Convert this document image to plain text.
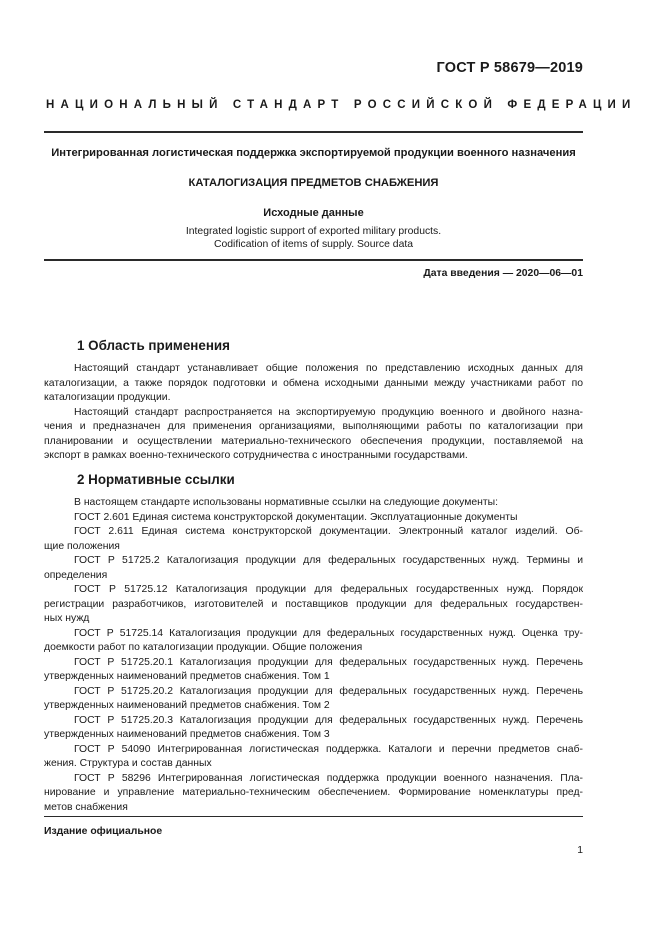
ГОСТ Р 58679—2019
НАЦИОНАЛЬНЫЙ СТАНДАРТ РОССИЙСКОЙ ФЕДЕРАЦИИ
Интегрированная логистическая поддержка экспортируемой продукции военного назначения
КАТАЛОГИЗАЦИЯ ПРЕДМЕТОВ СНАБЖЕНИЯ
Исходные данные
Integrated logistic support of exported military products.
Codification of items of supply. Source data
Дата введения — 2020—06—01
1 Область применения
Настоящий стандарт устанавливает общие положения по представлению исходных данных для
каталогизации, а также порядок подготовки и обмена исходными данными между участниками работ по
каталогизации продукции.
Настоящий стандарт распространяется на экспортируемую продукцию военного и двойного назна-
чения и предназначен для применения организациями, выполняющими работы по каталогизации при
планировании и осуществлении материально-технического обеспечения продукции, поставляемой на
экспорт в рамках военно-технического сотрудничества с иностранными государствами.
2 Нормативные ссылки
В настоящем стандарте использованы нормативные ссылки на следующие документы:
ГОСТ 2.601 Единая система конструкторской документации. Эксплуатационные документы
ГОСТ 2.611 Единая система конструкторской документации. Электронный каталог изделий. Об-
щие положения
ГОСТ Р 51725.2 Каталогизация продукции для федеральных государственных нужд. Термины и
определения
ГОСТ Р 51725.12 Каталогизация продукции для федеральных государственных нужд. Порядок
регистрации разработчиков, изготовителей и поставщиков продукции для федеральных государствен-
ных нужд
ГОСТ Р 51725.14 Каталогизация продукции для федеральных государственных нужд. Оценка тру-
доемкости работ по каталогизации продукции. Общие положения
ГОСТ Р 51725.20.1 Каталогизация продукции для федеральных государственных нужд. Перечень
утвержденных наименований предметов снабжения. Том 1
ГОСТ Р 51725.20.2 Каталогизация продукции для федеральных государственных нужд. Перечень
утвержденных наименований предметов снабжения. Том 2
ГОСТ Р 51725.20.3 Каталогизация продукции для федеральных государственных нужд. Перечень
утвержденных наименований предметов снабжения. Том 3
ГОСТ Р 54090 Интегрированная логистическая поддержка. Каталоги и перечни предметов снаб-
жения. Структура и состав данных
ГОСТ Р 58296 Интегрированная логистическая поддержка продукции военного назначения. Пла-
нирование и управление материально-техническим обеспечением. Формирование номенклатуры пред-
метов снабжения
Издание официальное
1
